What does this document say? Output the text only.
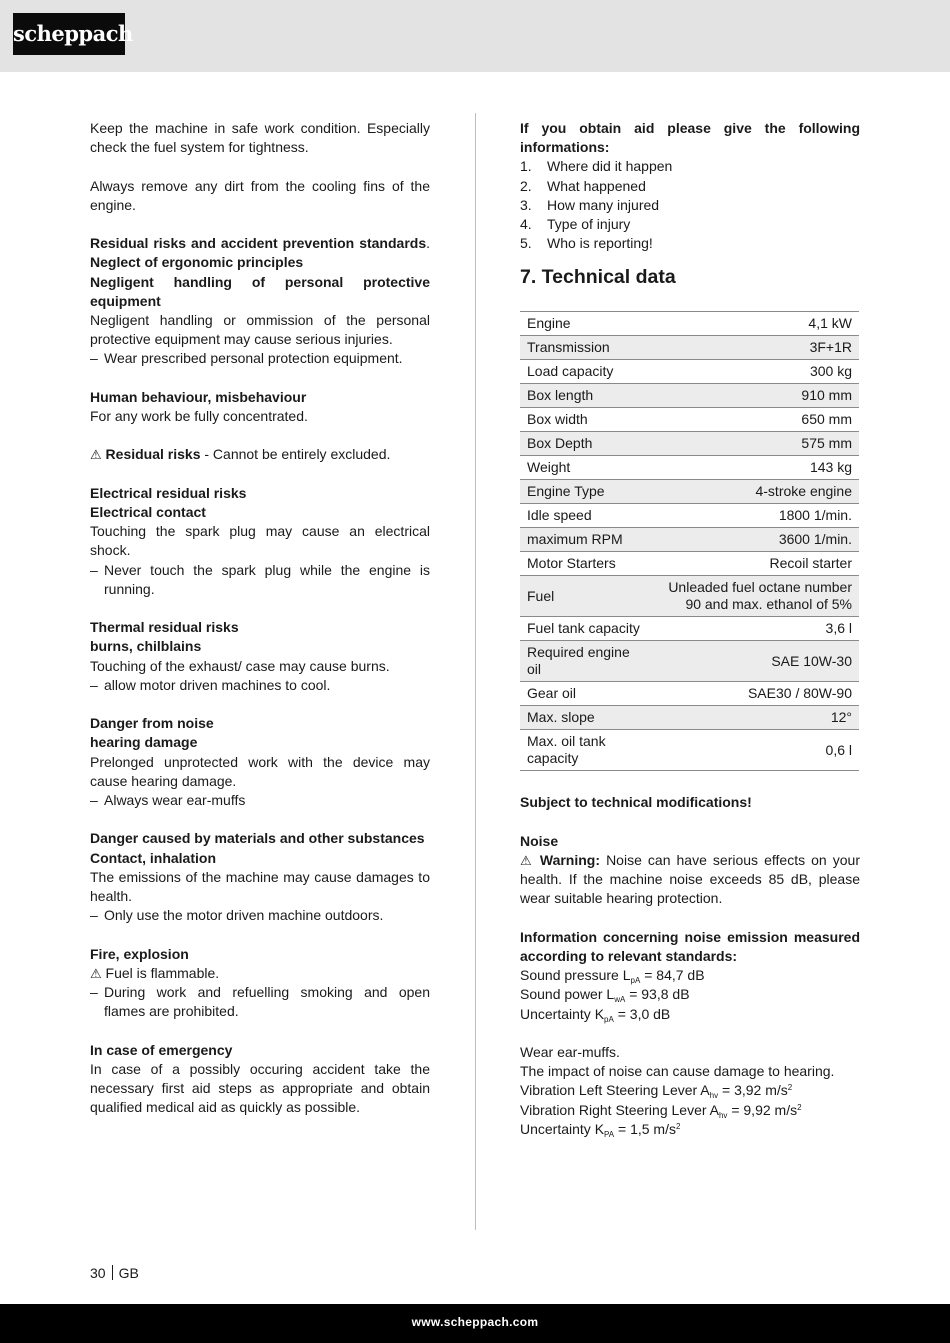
scheppach

Keep the machine in safe work condition. Especially check the fuel system for tightness.

Always remove any dirt from the cooling fins of the engine.

Residual risks and accident prevention standards. Neglect of ergonomic principles

Negligent handling of personal protective equipment

Negligent handling or ommission of the personal protective equipment may cause serious injuries.

– Wear prescribed personal protection equipment.

Human behaviour, misbehaviour

For any work be fully concentrated.

⚠ Residual risks - Cannot be entirely excluded.

Electrical residual risks

Electrical contact

Touching the spark plug may cause an electrical shock.

– Never touch the spark plug while the engine is running.

Thermal residual risks

burns, chilblains

Touching of the exhaust/ case may cause burns.

– allow motor driven machines to cool.

Danger from noise

hearing damage

Prelonged unprotected work with the device may cause hearing damage.

– Always wear ear-muffs

Danger caused by materials and other substances

Contact, inhalation

The emissions of the machine may cause damages to health.

– Only use the motor driven machine outdoors.

Fire, explosion

⚠ Fuel is flammable.

– During work and refuelling smoking and open flames are prohibited.

In case of emergency

In case of a possibly occuring accident take the necessary first aid steps as appropriate and obtain qualified medical aid as quickly as possible.

If you obtain aid please give the following informations:

1.	Where did it happen
2.	What happened
3.	How many injured
4.	Type of injury
5.	Who is reporting!
7. Technical data
Engine	4,1 kW
Transmission	3F+1R
Load capacity	300 kg
Box length	910 mm
Box width	650 mm
Box Depth	575 mm
Weight	143 kg
Engine Type	4-stroke engine
Idle speed	1800 1/min.
maximum RPM	3600 1/min.
Motor Starters	Recoil starter
Fuel	Unleaded fuel octane number 90 and max. ethanol of 5%
Fuel tank capacity	3,6 l
Required engine oil	SAE 10W-30
Gear oil	SAE30 / 80W-90
Max. slope	12°
Max. oil tank capacity	0,6 l

Subject to technical modifications!

Noise

⚠ Warning: Noise can have serious effects on your health. If the machine noise exceeds 85 dB, please wear suitable hearing protection.

Information concerning noise emission measured according to relevant standards:

Sound pressure $L_{pA} = 84,7$ dB

Sound power $L_{wA} = 93,8$ dB

Uncertainty $K_{pA} = 3,0$ dB

Wear ear-muffs.

The impact of noise can cause damage to hearing.

Vibration Left Steering Lever $A_{hv} = 3,92$ $m/s^2$

Vibration Right Steering Lever $A_{hv} = 9,92$ $m/s^2$

Uncertainty $K_{PA} = 1,5$ $m/s^2$

30 GB
www.scheppach.com
